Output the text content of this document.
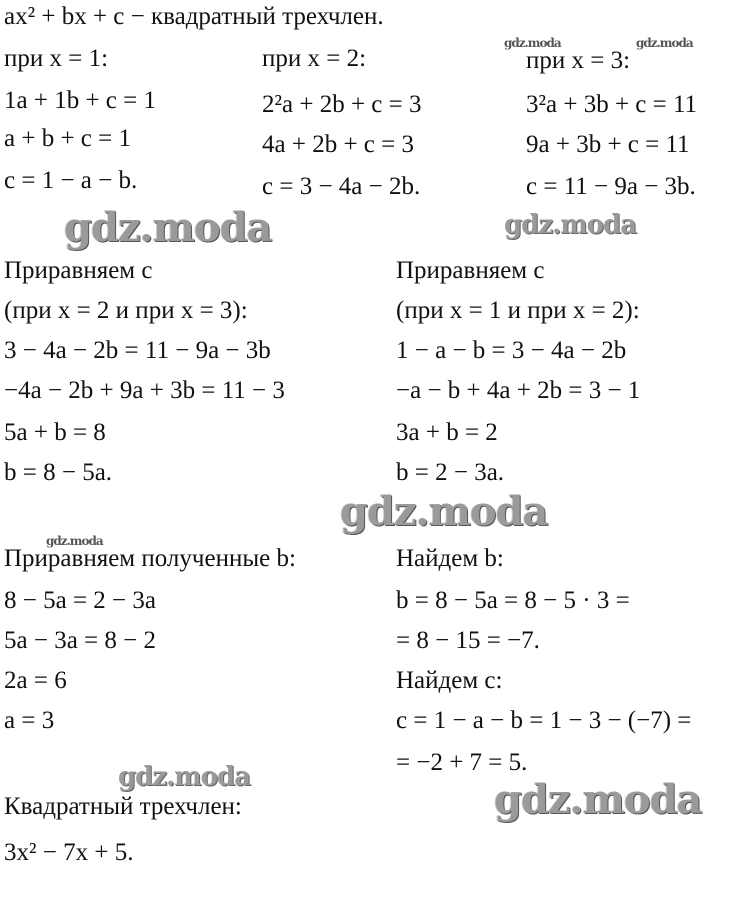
ax² + bx + c − квадратный трехчлен.
при x = 1:
1a + 1b + c = 1
a + b + c = 1
c = 1 − a − b.
при x = 2:
2²a + 2b + c = 3
4a + 2b + c = 3
c = 3 − 4a − 2b.
при x = 3:
3²a + 3b + c = 11
9a + 3b + c = 11
c = 11 − 9a − 3b.
Приравняем c
(при x = 2 и при x = 3):
3 − 4a − 2b = 11 − 9a − 3b
−4a − 2b + 9a + 3b = 11 − 3
5a + b = 8
b = 8 − 5a.
Приравняем c
(при x = 1 и при x = 2):
1 − a − b = 3 − 4a − 2b
−a − b + 4a + 2b = 3 − 1
3a + b = 2
b = 2 − 3a.
Приравняем полученные b:
8 − 5a = 2 − 3a
5a − 3a = 8 − 2
2a = 6
a = 3
Найдем b:
b = 8 − 5a = 8 − 5 · 3 =
= 8 − 15 = −7.
Найдем c:
c = 1 − a − b = 1 − 3 − (−7) =
= −2 + 7 = 5.
Квадратный трехчлен:
3x² − 7x + 5.
gdz.moda	gdz.moda
gdz.moda	gdz.moda
gdz.moda
gdz.moda
gdz.moda	gdz.moda
